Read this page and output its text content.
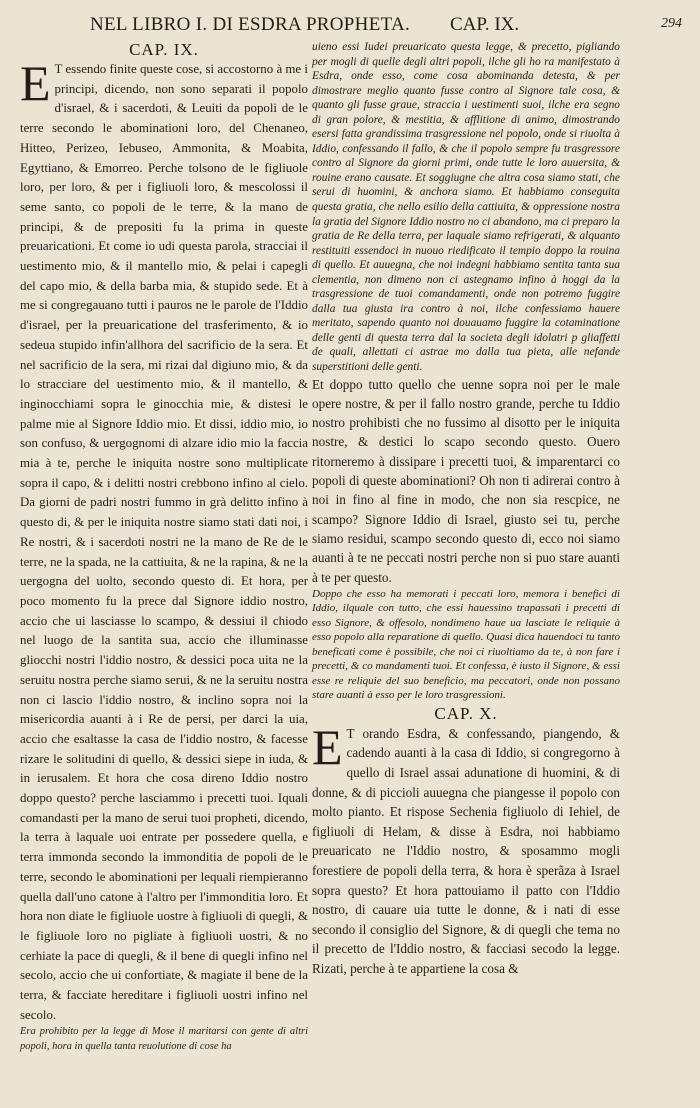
NEL LIBRO I. DI ESDRA PROPHETA. CAP. IX.	294

CAP. IX.

E T essendo finite queste cose, si accostorno à me i principi, dicendo, non sono separati il popolo d'israel, & i sacerdoti, & Leuiti da popoli de le terre secondo le abominationi loro, del Chenaneo, Hitteo, Perizeo, Iebuseo, Ammonita, & Moabita, Egyttiano, & Emorreo. Perche tolsono de le figliuole loro, per loro, & per i figliuoli loro, & mescolossi il seme santo, co popoli de le terre, & la mano de principi, & de prepositi fu la prima in queste preuaricationi. Et come io udi questa parola, stracciai il uestimento mio, & il mantello mio, & pelai i capegli del capo mio, & della barba mia, & stupido sede. Et à me si congregauano tutti i pauros ne le parole de l'Iddio d'israel, per la preuaricatione del trasferimento, & io sedeua stupido infin'allhora del sacrificio de la sera. Et nel sacrificio de la sera, mi rizai dal digiuno mio, & da lo stracciare del uestimento mio, & il mantello, & inginocchiami sopra le ginocchia mie, & distesi le palme mie al Signore Iddio mio. Et dissi, iddio mio, io son confuso, & uergognomi di alzare idio mio la faccia mia à te, perche le iniquita nostre sono multiplicate sopra il capo, & i delitti nostri crebbono infino al cielo. Da giorni de padri nostri fummo in grà delitto infino à questo di, & per le iniquita nostre siamo stati dati noi, i Re nostri, & i sacerdoti nostri ne la mano de Re de le terre, ne la spada, ne la cattiuita, & ne la rapina, & ne la uergogna del uolto, secondo questo di. Et hora, per poco momento fu la prece dal Signore iddio nostro, accio che ui lasciasse lo scampo, & dessiui il chiodo nel luogo de la santita sua, accio che illuminasse gliocchi nostri l'iddio nostro, & dessici poca uita ne la seruitu nostra perche siamo serui, & ne la seruitu nostra non ci lascio l'iddio nostro, & inclino sopra noi la misericordia auanti à i Re de persi, per darci la uia, accio che esaltasse la casa de l'iddio nostro, & facesse rizare le solitudini di quello, & dessici siepe in iuda, & in ierusalem. Et hora che cosa direno Iddio nostro doppo questo? perche lasciammo i precetti tuoi. Iquali comandasti per la mano de serui tuoi propheti, dicendo, la terra à laquale uoi entrate per possedere quella, e terra immonda secondo la immonditia de popoli de le terre, secondo le abominationi per lequali riempieranno quella dall'uno catone à l'altro per l'immonditia loro. Et hora non diate le figliuole uostre à figliuoli di quegli, & le figliuole loro no pigliate à figliuoli uostri, & no cerhiate la pace di quegli, & il bene di quegli infino nel secolo, accio che ui confortiate, & magiate il bene de la terra, & facciate hereditare i figliuoli uostri infino nel secolo.

Era prohibito per la legge di Mose il maritarsi con gente di altri popoli, hora in quella tanta reuolutione di cose ha

uieno essi Iudei preuaricato questa legge, & precetto, pigliando per mogli di quelle degli altri popoli, ilche gli ho ra manifestato à Esdra, onde esso, come cosa abominanda detesta, & per dimostrare meglio quanto fusse contro al Signore tale cosa, & quanto gli fusse graue, straccia i uestimenti suoi, ilche era segno di gran polore, & mestitia, & afflitione di animo, dimostrando esersi fatta grandissima trasgressione nel popolo, onde si riuolta à Iddio, confessando il fallo, & che il popolo sempre fu trasgressore contro al Signore da giorni primi, onde tutte le loro auuersita, & rouine erano causate. Et soggiugne che altra cosa siamo stati, che serui di huomini, & anchora siamo. Et habbiamo conseguita questa gratia, che nello esilio della cattiuita, & oppressione nostra la gratia del Signore Iddio nostro no ci abandono, ma ci preparo la gratia de Re della terra, per laquale siamo refrigerati, & alquanto restituiti essendoci in nuouo riedificato il tempio doppo la rouina di quello. Et auuegna, che noi indegni habbiamo sentita tanta sua clementia, non dimeno non ci astegnamo infino à hoggi da la trasgressione de tuoi comandamenti, onde non potremo fuggire dalla tua giusta ira contro à noi, ilche confessiamo hauere meritato, sapendo quanto noi douauamo fuggire la cotaminatione delle genti di questa terra dal la societa degli idolatri p gliaffetti de quali, allettati ci astrae mo dalla tua pieta, alle nefande superstitioni delle genti.

Et doppo tutto quello che uenne sopra noi per le male opere nostre, & per il fallo nostro grande, perche tu Iddio nostro prohibisti che no fussimo al disotto per le iniquita nostre, & destici lo scapo secondo questo. Ouero ritorneremo à dissipare i precetti tuoi, & imparentarci co popoli di queste abominationi? Oh non ti adirerai contro à noi in fino al fine in modo, che non sia rescpice, ne scampo? Signore Iddio di Israel, giusto sei tu, perche siamo residui, scampo secondo questo di, ecco noi siamo auanti à te ne peccati nostri perche non si puo stare auanti à te per questo.

Doppo che esso ha memorati i peccati loro, memora i benefici di Iddio, ilquale con tutto, che essi hauessino trapassati i precetti di esso Signore, & offesolo, nondimeno haue ua lasciate le reliquie à esso popolo alla reparatione di quello. Quasi dica hauendoci tu tanto beneficati come è possibile, che noi ci riuoltiamo da te, à non fare i precetti, & co mandamenti tuoi. Et confessa, è iusto il Signore, & essi esse re reliquie del suo beneficio, ma peccatori, onde non possano stare auanti à esso per le loro trasgressioni.

CAP. X.

E T orando Esdra, & confessando, piangendo, & cadendo auanti à la casa di Iddio, si congregorno à quello di Israel assai adunatione di huomini, & di donne, & di piccioli auuegna che piangesse il popolo con molto pianto. Et rispose Sechenia figliuolo di Iehiel, de figliuoli di Helam, & disse à Esdra, noi habbiamo preuaricato ne l'Iddio nostro, & sposammo mogli forestiere de popoli della terra, & hora è sperãza à Israel sopra questo? Et hora pattouiamo il patto con l'Iddio nostro, di cauare uia tutte le donne, & i nati di esse secondo il consiglio del Signore, & di quegli che tema no il precetto de l'Iddio nostro, & facciasi secodo la legge. Rizati, perche à te appartiene la cosa &
